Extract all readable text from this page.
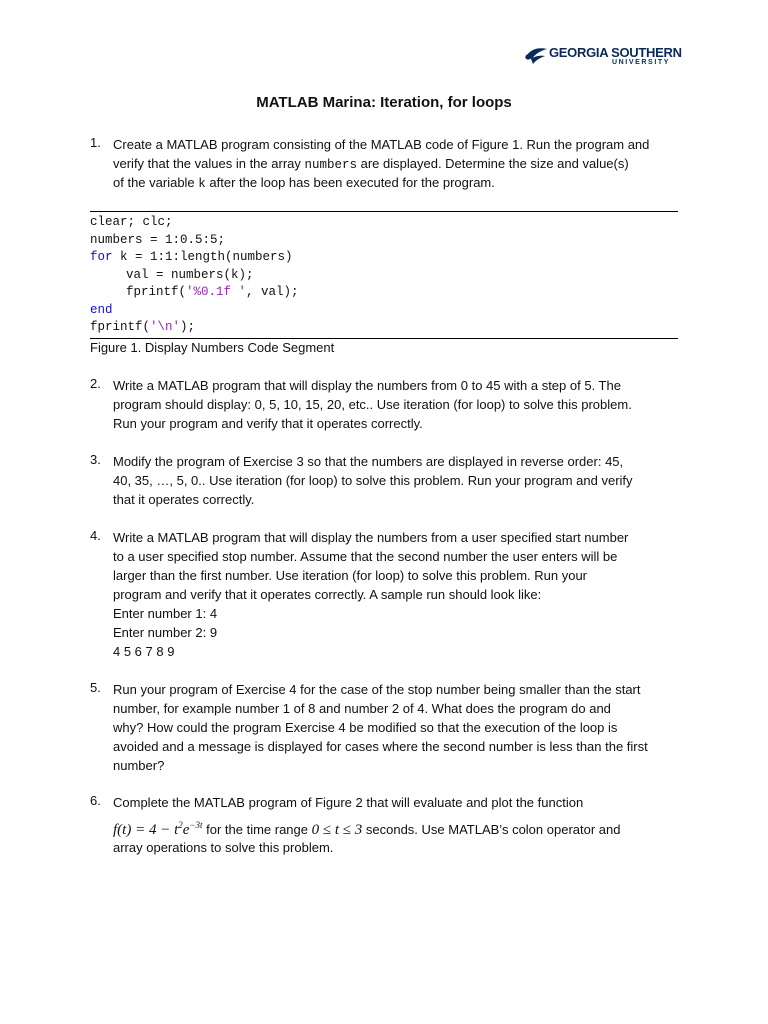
GEORGIA SOUTHERN
UNIVERSITY
MATLAB Marina: Iteration, for loops
1. Create a MATLAB program consisting of the MATLAB code of Figure 1. Run the program and
verify that the values in the array numbers are displayed. Determine the size and value(s)
of the variable k after the loop has been executed for the program.
clear; clc;
numbers = 1:0.5:5;
for k = 1:1:length(numbers)
val = numbers(k);
fprintf('%0.1f ', val);
end
fprintf('\n');
Figure 1. Display Numbers Code Segment
2. Write a MATLAB program that will display the numbers from 0 to 45 with a step of 5. The
program should display: 0, 5, 10, 15, 20, etc.. Use iteration (for loop) to solve this problem.
Run your program and verify that it operates correctly.
3. Modify the program of Exercise 3 so that the numbers are displayed in reverse order: 45,
40, 35, …, 5, 0.. Use iteration (for loop) to solve this problem. Run your program and verify
that it operates correctly.
4. Write a MATLAB program that will display the numbers from a user specified start number
to a user specified stop number. Assume that the second number the user enters will be
larger than the first number. Use iteration (for loop) to solve this problem. Run your
program and verify that it operates correctly. A sample run should look like:
Enter number 1: 4
Enter number 2: 9
4 5 6 7 8 9
5. Run your program of Exercise 4 for the case of the stop number being smaller than the start
number, for example number 1 of 8 and number 2 of 4. What does the program do and
why? How could the program Exercise 4 be modified so that the execution of the loop is
avoided and a message is displayed for cases where the second number is less than the first
number?
6. Complete the MATLAB program of Figure 2 that will evaluate and plot the function
$f(t) = 4 - t^2e^{-3t}$ for the time range 0 ≤ t ≤ 3 seconds. Use MATLAB’s colon operator and
array operations to solve this problem.
